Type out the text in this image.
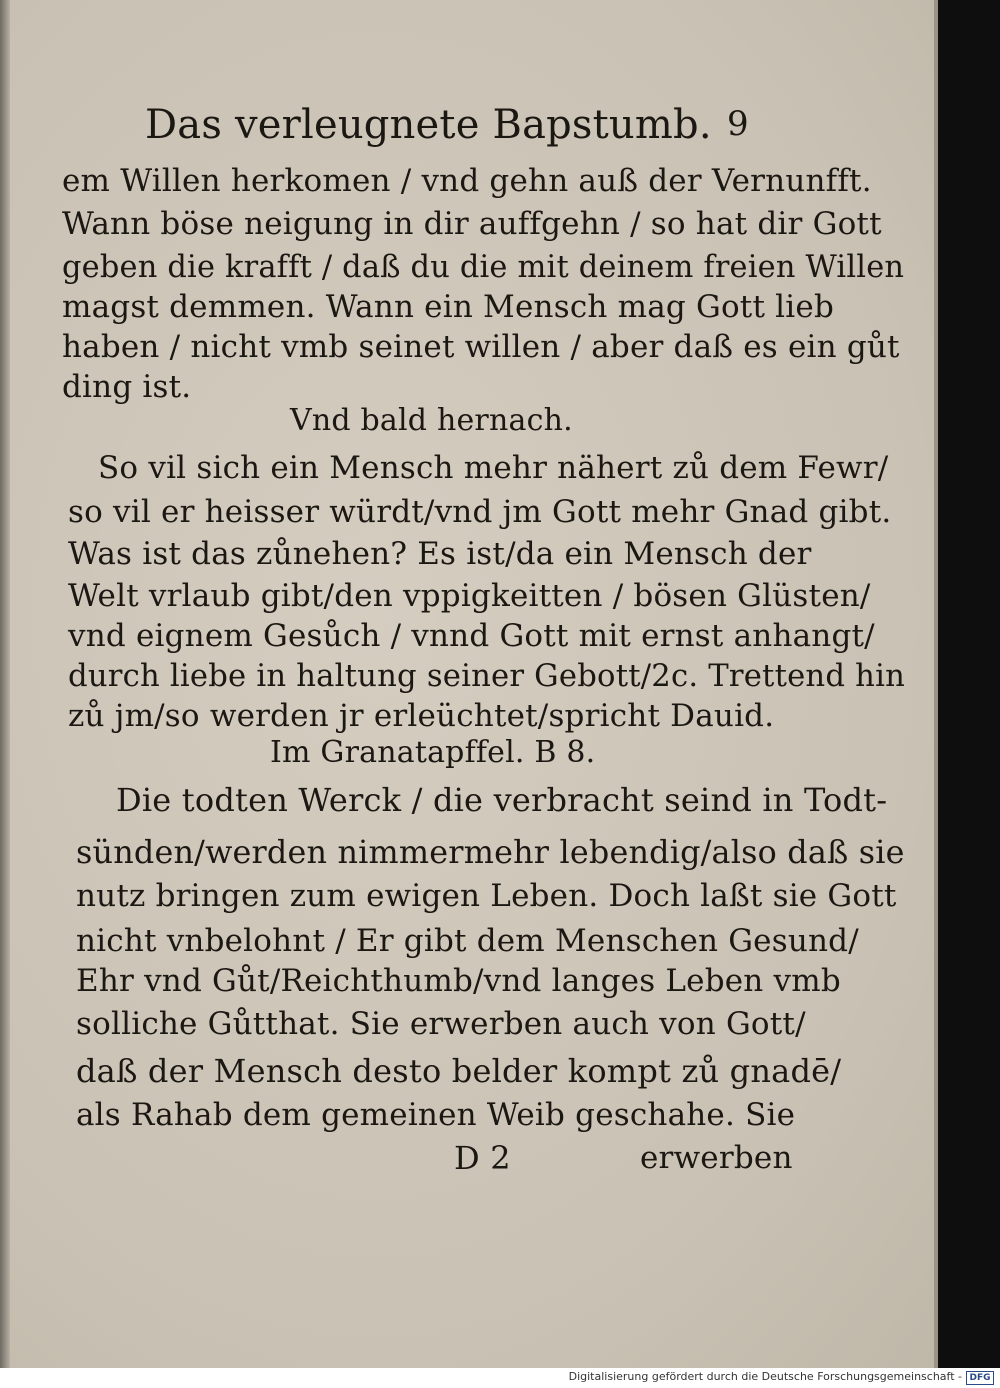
Das verleugnete Bapstumb. 9
em Willen herkomen / vnd gehn auß der Vernunfft.
Wann böse neigung in dir auffgehn / so hat dir Gott
geben die krafft / daß du die mit deinem freien Willen
magst demmen. Wann ein Mensch mag Gott lieb
haben / nicht vmb seinet willen / aber daß es ein gůt
ding ist.
Vnd bald hernach.
So vil sich ein Mensch mehr nähert zů dem Fewr/
so vil er heisser würdt/vnd jm Gott mehr Gnad gibt.
Was ist das zůnehen? Es ist/da ein Mensch der
Welt vrlaub gibt/den vppigkeitten / bösen Glüsten/
vnd eignem Gesůch / vnnd Gott mit ernst anhangt/
durch liebe in haltung seiner Gebott/2c. Trettend hin
zů jm/so werden jr erleüchtet/spricht Dauid.
Im Granatapffel. B 8.
Die todten Werck / die verbracht seind in Todt-
sünden/werden nimmermehr lebendig/also daß sie
nutz bringen zum ewigen Leben. Doch laßt sie Gott
nicht vnbelohnt / Er gibt dem Menschen Gesund/
Ehr vnd Gůt/Reichthumb/vnd langes Leben vmb
solliche Gůtthat. Sie erwerben auch von Gott/
daß der Mensch desto belder kompt zů gnadē/
als Rahab dem gemeinen Weib geschahe. Sie
D 2	erwerben
Digitalisierung gefördert durch die Deutsche Forschungsgemeinschaft - DFG
